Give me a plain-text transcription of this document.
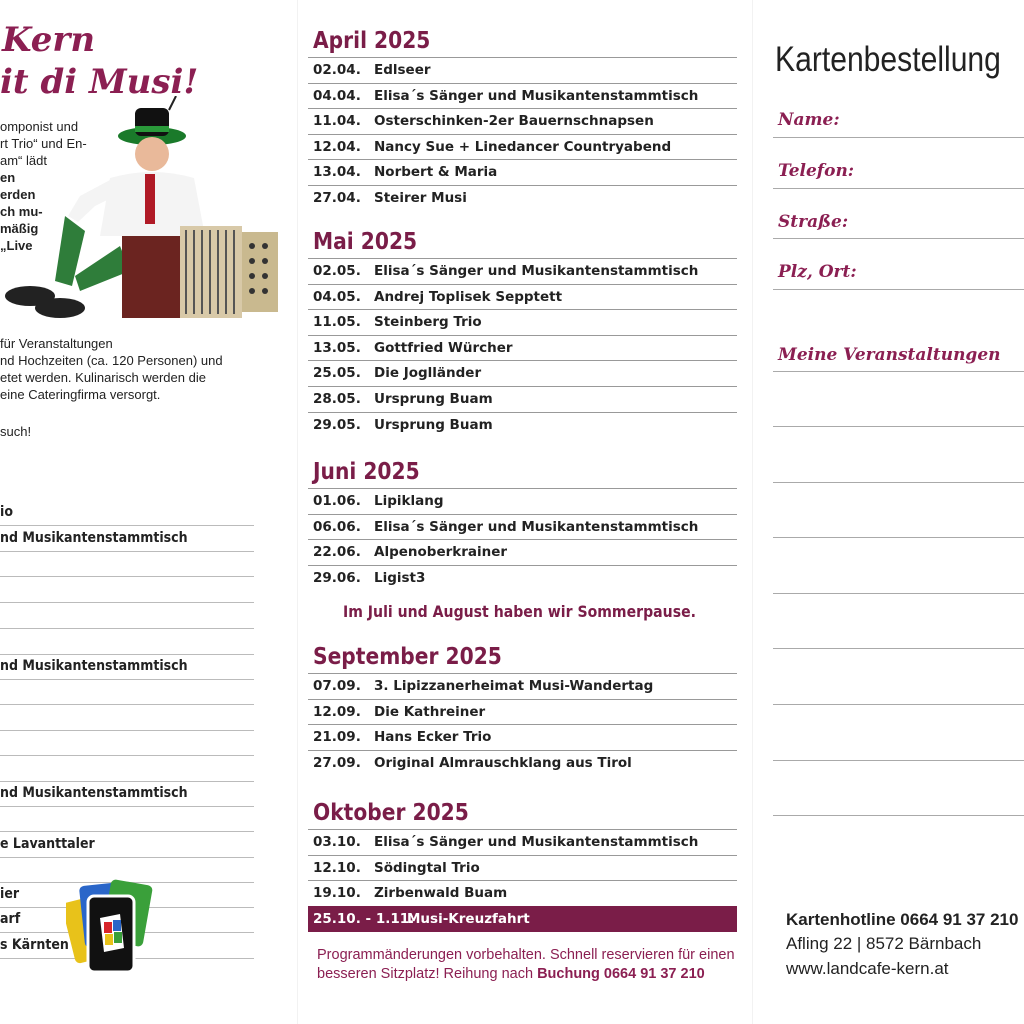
Kern
it di Musi!
omponist und
rt Trio“ und En-
am“ lädt
en
erden
ch mu-
mäßig
„Live
für Veranstaltungen
nd Hochzeiten (ca. 120 Personen) und
etet werden. Kulinarisch werden die
eine Cateringfirma versorgt.
such!
io
nd Musikantenstammtisch
nd Musikantenstammtisch
nd Musikantenstammtisch
e Lavanttaler
ier
arf
s Kärnten
April 2025
02.04. Edlseer
04.04. Elisa´s Sänger und Musikantenstammtisch
11.04. Osterschinken-2er Bauernschnapsen
12.04. Nancy Sue + Linedancer Countryabend
13.04. Norbert & Maria
27.04. Steirer Musi
Mai 2025
02.05. Elisa´s Sänger und Musikantenstammtisch
04.05. Andrej Toplisek Sepptett
11.05. Steinberg Trio
13.05. Gottfried Würcher
25.05. Die Joglländer
28.05. Ursprung Buam
29.05. Ursprung Buam
Juni 2025
01.06. Lipiklang
06.06. Elisa´s Sänger und Musikantenstammtisch
22.06. Alpenoberkrainer
29.06. Ligist3
September 2025
07.09. 3. Lipizzanerheimat Musi-Wandertag
12.09. Die Kathreiner
21.09. Hans Ecker Trio
27.09. Original Almrauschklang aus Tirol
Oktober 2025
03.10. Elisa´s Sänger und Musikantenstammtisch
12.10. Södingtal Trio
19.10. Zirbenwald Buam
25.10. - 1.11.
Musi-Kreuzfahrt
Im Juli und August haben wir Sommerpause.
Programmänderungen vorbehalten. Schnell reservieren für einen besseren Sitzplatz! Reihung nach Buchung 0664 91 37 210
Kartenbestellung
Name:
Telefon:
Straße:
Plz, Ort:
Meine Veranstaltungen
Kartenhotline 0664 91 37 210
Afling 22 | 8572 Bärnbach
www.landcafe-kern.at
